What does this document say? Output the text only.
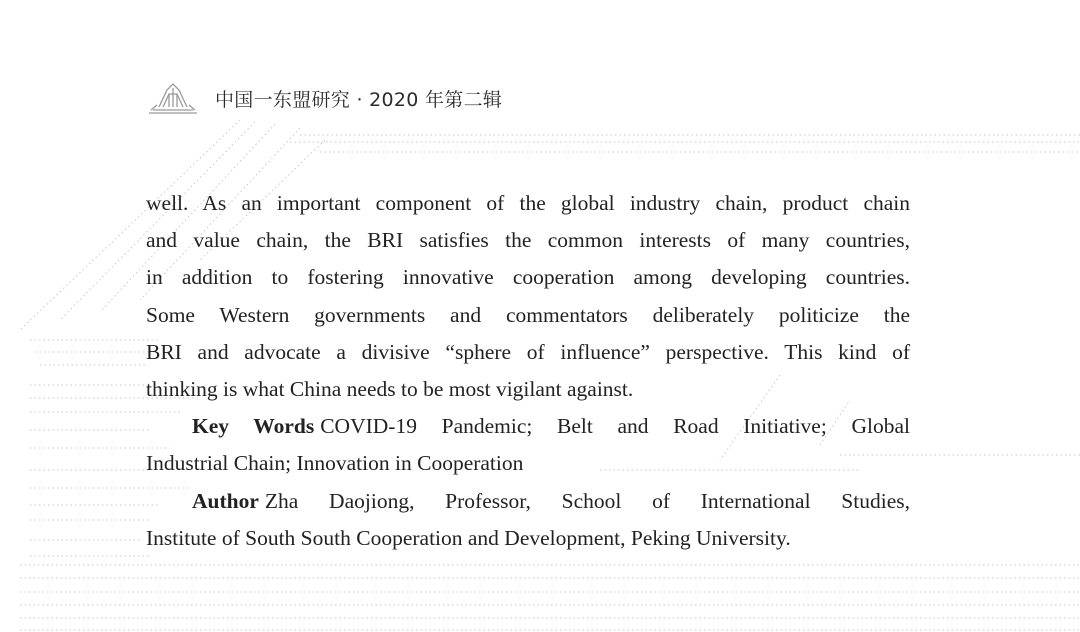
中国一东盟研究 · 2020 年第二辑
well. As an important component of the global industry chain, product chain
and value chain, the BRI satisfies the common interests of many countries,
in addition to fostering innovative cooperation among developing countries.
Some Western governments and commentators deliberately politicize the
BRI and advocate a divisive “sphere of influence” perspective. This kind of
thinking is what China needs to be most vigilant against.
Key Words COVID-19 Pandemic; Belt and Road Initiative; Global
Industrial Chain; Innovation in Cooperation
Author Zha Daojiong, Professor, School of International Studies,
Institute of South South Cooperation and Development, Peking University.
